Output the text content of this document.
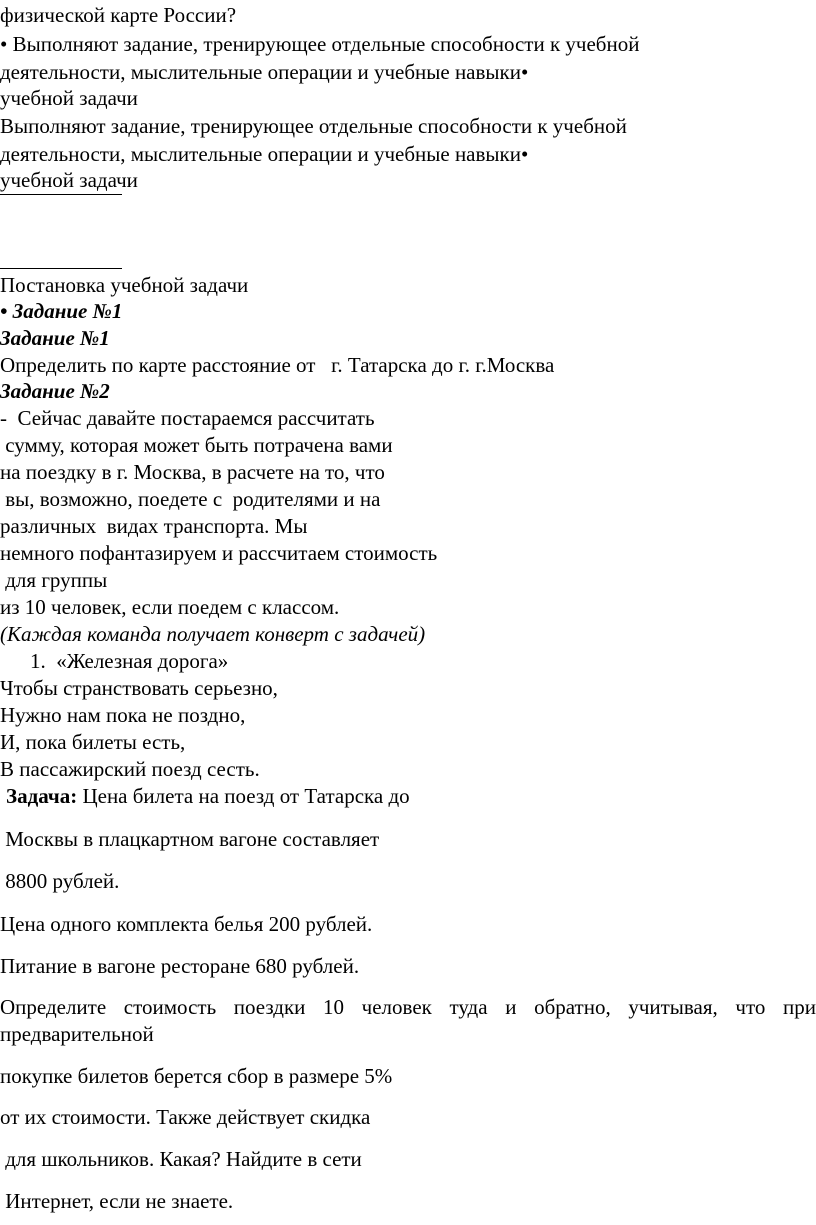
физической карте России?
• Выполняют задание, тренирующее отдельные способности к учебной
деятельности, мыслительные операции и учебные навыки•
учебной задачи
Выполняют задание, тренирующее отдельные способности к учебной
деятельности, мыслительные операции и учебные навыки•
учебной задачи
Постановка учебной задачи
• Задание №1
Задание №1
Определить по карте расстояние от   г. Татарска до г. г.Москва
Задание №2
-  Сейчас давайте постараемся рассчитать
сумму, которая может быть потрачена вами
на поездку в г. Москва, в расчете на то, что
вы, возможно, поедете с  родителями и на
различных  видах транспорта. Мы
немного пофантазируем и рассчитаем стоимость
для группы
из 10 человек, если поедем с классом.
(Каждая команда получает конверт с задачей)
1.  «Железная дорога»
Чтобы странствовать серьезно,
Нужно нам пока не поздно,
И, пока билеты есть,
В пассажирский поезд сесть.
Задача: Цена билета на поезд от Татарска до
Москвы в плацкартном вагоне составляет
8800 рублей.
Цена одного комплекта белья 200 рублей.
Питание в вагоне ресторане 680 рублей.
Определите стоимость поездки 10 человек туда и обратно, учитывая, что при
предварительной
покупке билетов берется сбор в размере 5%
от их стоимости. Также действует скидка
для школьников. Какая? Найдите в сети
Интернет, если не знаете.
